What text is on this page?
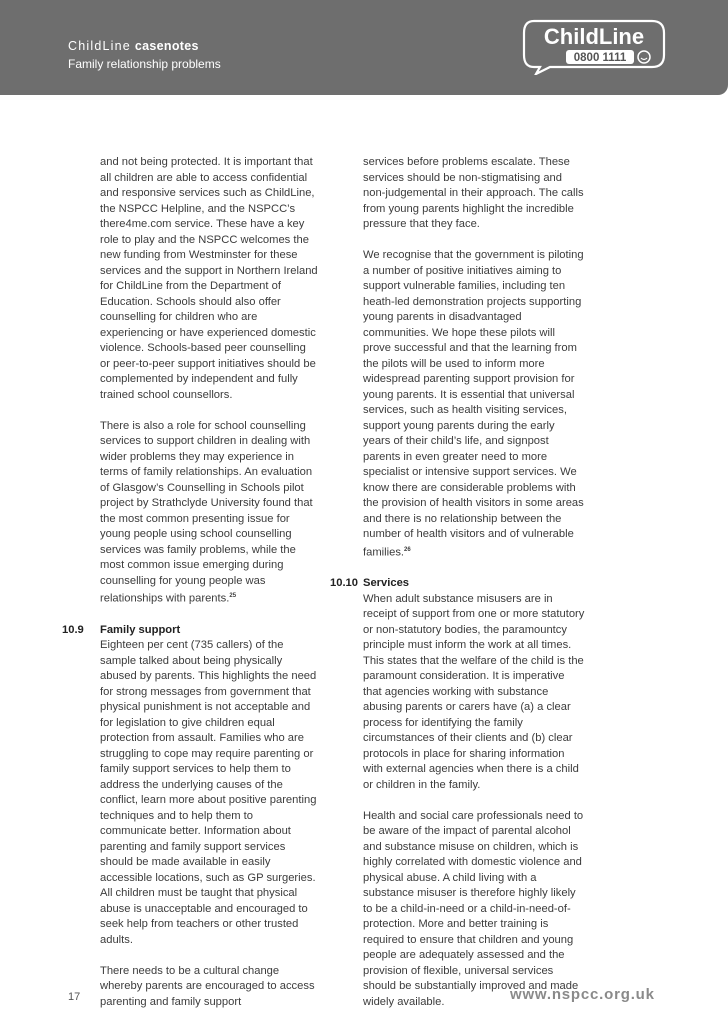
ChildLine casenotes
Family relationship problems
ChildLine
0800 1111

and not being protected. It is important that all children are able to access confidential and responsive services such as ChildLine, the NSPCC Helpline, and the NSPCC’s there4me.com service. These have a key role to play and the NSPCC welcomes the new funding from Westminster for these services and the support in Northern Ireland for ChildLine from the Department of Education. Schools should also offer counselling for children who are experiencing or have experienced domestic violence. Schools-based peer counselling or peer-to-peer support initiatives should be complemented by independent and fully trained school counsellors.

There is also a role for school counselling services to support children in dealing with wider problems they may experience in terms of family relationships. An evaluation of Glasgow’s Counselling in Schools pilot project by Strathclyde University found that the most common presenting issue for young people using school counselling services was family problems, while the most common issue emerging during counselling for young people was relationships with parents.$^{25}$

10.9 Family support

Eighteen per cent (735 callers) of the sample talked about being physically abused by parents. This highlights the need for strong messages from government that physical punishment is not acceptable and for legislation to give children equal protection from assault. Families who are struggling to cope may require parenting or family support services to help them to address the underlying causes of the conflict, learn more about positive parenting techniques and to help them to communicate better. Information about parenting and family support services should be made available in easily accessible locations, such as GP surgeries. All children must be taught that physical abuse is unacceptable and encouraged to seek help from teachers or other trusted adults.

There needs to be a cultural change whereby parents are encouraged to access parenting and family support

services before problems escalate. These services should be non-stigmatising and non-judgemental in their approach. The calls from young parents highlight the incredible pressure that they face.

We recognise that the government is piloting a number of positive initiatives aiming to support vulnerable families, including ten heath-led demonstration projects supporting young parents in disadvantaged communities. We hope these pilots will prove successful and that the learning from the pilots will be used to inform more widespread parenting support provision for young parents. It is essential that universal services, such as health visiting services, support young parents during the early years of their child’s life, and signpost parents in even greater need to more specialist or intensive support services. We know there are considerable problems with the provision of health visitors in some areas and there is no relationship between the number of health visitors and of vulnerable families.$^{26}$

10.10 Services

When adult substance misusers are in receipt of support from one or more statutory or non-statutory bodies, the paramountcy principle must inform the work at all times. This states that the welfare of the child is the paramount consideration. It is imperative that agencies working with substance abusing parents or carers have (a) a clear process for identifying the family circumstances of their clients and (b) clear protocols in place for sharing information with external agencies when there is a child or children in the family.

Health and social care professionals need to be aware of the impact of parental alcohol and substance misuse on children, which is highly correlated with domestic violence and physical abuse. A child living with a substance misuser is therefore highly likely to be a child-in-need or a child-in-need-of-protection. More and better training is required to ensure that children and young people are adequately assessed and the provision of flexible, universal services should be substantially improved and made widely available.

17	www.nspcc.org.uk
